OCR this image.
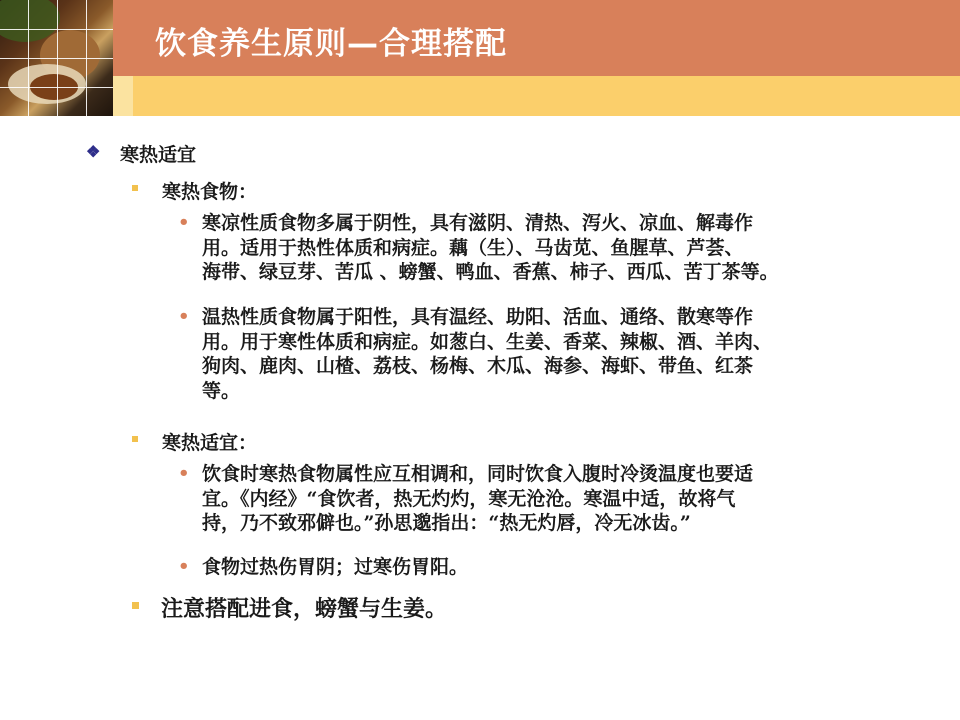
饮食养生原则—合理搭配
❖ 寒热适宜
寒热食物：
• 寒凉性质食物多属于阴性，具有滋阴、清热、泻火、凉血、解毒作
用。适用于热性体质和病症。藕（生）、马齿苋、鱼腥草、芦荟、
海带、绿豆芽、苦瓜 、螃蟹、鸭血、香蕉、柿子、西瓜、苦丁茶等。
• 温热性质食物属于阳性，具有温经、助阳、活血、通络、散寒等作
用。用于寒性体质和病症。如葱白、生姜、香菜、辣椒、酒、羊肉、
狗肉、鹿肉、山楂、荔枝、杨梅、木瓜、海参、海虾、带鱼、红茶
等。
寒热适宜：
• 饮食时寒热食物属性应互相调和，同时饮食入腹时冷烫温度也要适
宜。《内经》“食饮者，热无灼灼，寒无沧沧。寒温中适，故将气
持，乃不致邪僻也。”孙思邈指出：“热无灼唇，冷无冰齿。”
• 食物过热伤胃阴；过寒伤胃阳。
注意搭配进食，螃蟹与生姜。
